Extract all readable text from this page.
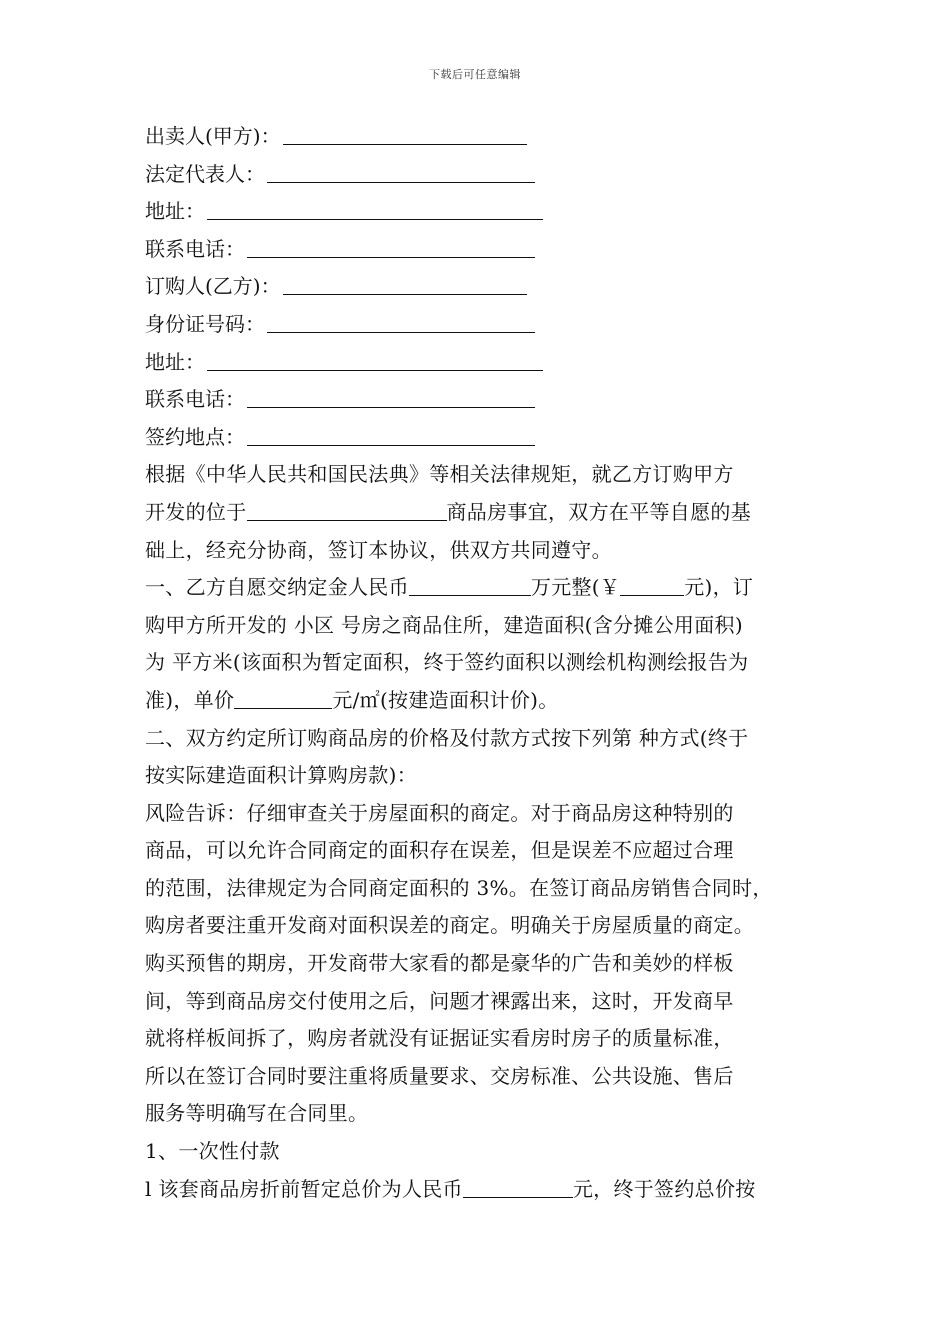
下载后可任意编辑
出卖人(甲方)：
法定代表人：
地址：
联系电话：
订购人(乙方)：
身份证号码：
地址：
联系电话：
签约地点：
根据《中华人民共和国民法典》等相关法律规矩，就乙方订购甲方
开发的位于	商品房事宜，双方在平等自愿的基
础上，经充分协商，签订本协议，供双方共同遵守。
一、乙方自愿交纳定金人民币	万元整(￥	元)，订
购甲方所开发的 小区 号房之商品住所，建造面积(含分摊公用面积)
为 平方米(该面积为暂定面积，终于签约面积以测绘机构测绘报告为
准)，单价	元/㎡(按建造面积计价)。
二、双方约定所订购商品房的价格及付款方式按下列第 种方式(终于
按实际建造面积计算购房款)：
风险告诉：仔细审查关于房屋面积的商定。对于商品房这种特别的
商品，可以允许合同商定的面积存在误差，但是误差不应超过合理
的范围，法律规定为合同商定面积的 3%。在签订商品房销售合同时，
购房者要注重开发商对面积误差的商定。明确关于房屋质量的商定。
购买预售的期房，开发商带大家看的都是豪华的广告和美妙的样板
间，等到商品房交付使用之后，问题才裸露出来，这时，开发商早
就将样板间拆了，购房者就没有证据证实看房时房子的质量标准，
所以在签订合同时要注重将质量要求、交房标准、公共设施、售后
服务等明确写在合同里。
1、一次性付款
l 该套商品房折前暂定总价为人民币	元，终于签约总价按
